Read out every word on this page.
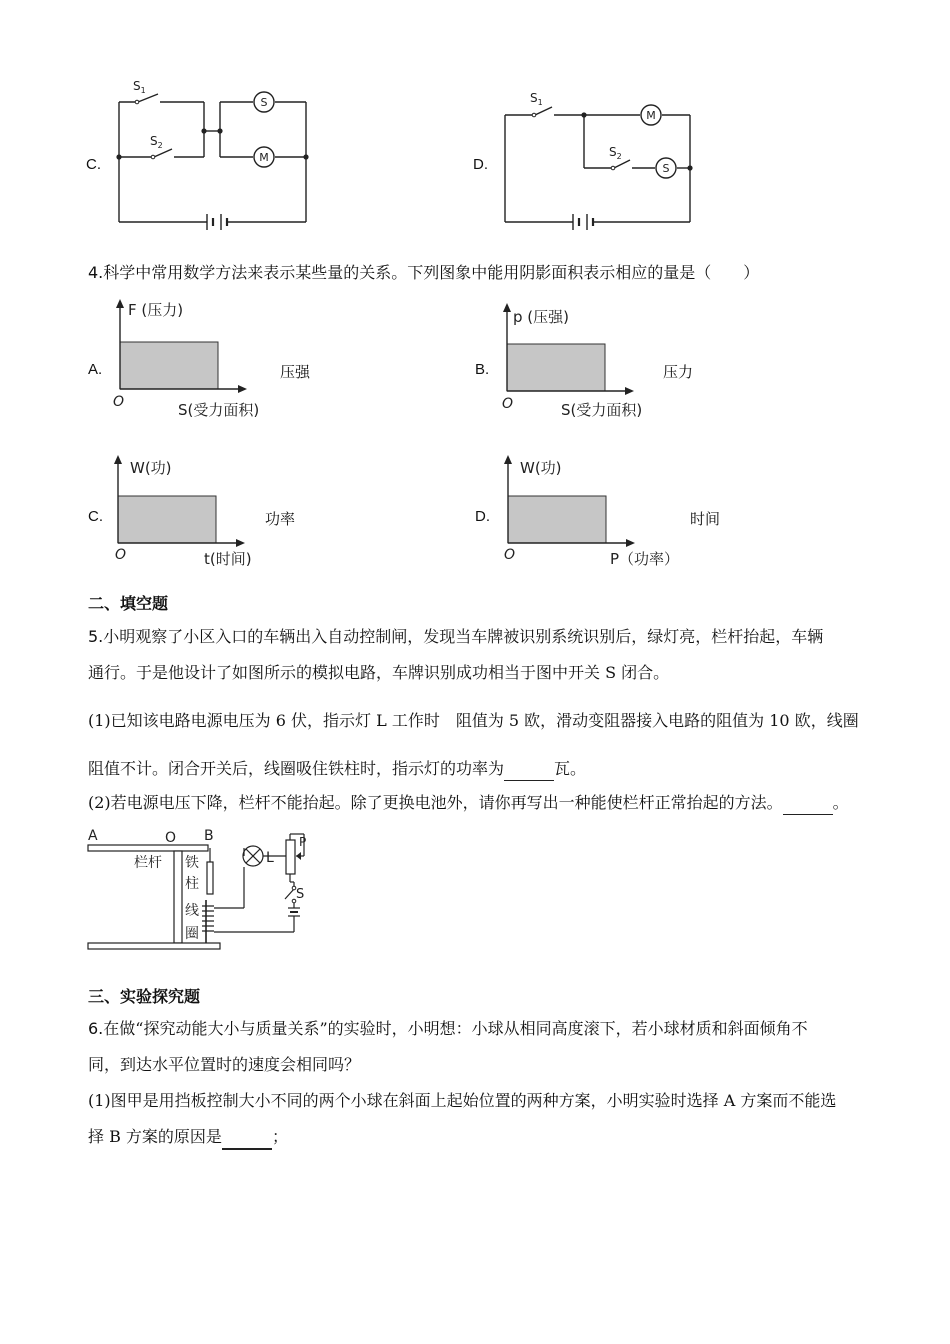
C.
$S_1$
$S_2$
S
M	D.
$S_1$
$S_2$
M
S
4.科学中常用数学方法来表示某些量的关系。下列图象中能用阴影面积表示相应的量是（　　）
A.
F (压力)
S(受力面积)
O
压强	B.
p (压强)
S(受力面积)
O
压力
C.
W(功)
t(时间)
O
功率	D.
W(功)
P（功率）
O
时间
二、填空题
5.小明观察了小区入口的车辆出入自动控制闸，发现当车牌被识别系统识别后，绿灯亮，栏杆抬起，车辆
通行。于是他设计了如图所示的模拟电路，车牌识别成功相当于图中开关 S 闭合。
(1)已知该电路电源电压为 6 伏，指示灯 L 工作时　阻值为 5 欧，滑动变阻器接入电路的阻值为 10 欧，线圈
阻值不计。闭合开关后，线圈吸住铁柱时，指示灯的功率为	瓦。
(2)若电源电压下降，栏杆不能抬起。除了更换电池外，请你再写出一种能使栏杆正常抬起的方法。	。
A	O B
栏杆 铁
柱
线
圈
L
P
S
三、实验探究题
6.在做“探究动能大小与质量关系”的实验时，小明想：小球从相同高度滚下，若小球材质和斜面倾角不
同，到达水平位置时的速度会相同吗？
(1)图甲是用挡板控制大小不同的两个小球在斜面上起始位置的两种方案，小明实验时选择 A 方案而不能选
择 B 方案的原因是	；
